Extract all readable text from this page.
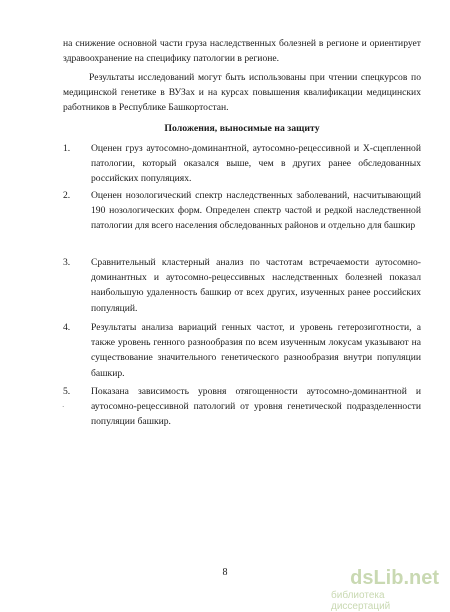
на снижение основной части груза наследственных болезней в регионе и ориентирует здравоохранение на специфику патологии в регионе.

Результаты исследований могут быть использованы при чтении спецкурсов по медицинской генетике в ВУЗах и на курсах повышения квалификации медицинских работников в Республике Башкортостан.

Положения, выносимые на защиту

1. Оценен груз аутосомно-доминантной, аутосомно-рецессивной и X-сцепленной патологии, который оказался выше, чем в других ранее обследованных российских популяциях.

2. Оценен нозологический спектр наследственных заболеваний, насчитывающий 190 нозологических форм. Определен спектр частой и редкой наследственной патологии для всего населения обследованных районов и отдельно для башкир

3. Сравнительный кластерный анализ по частотам встречаемости аутосомно-доминантных и аутосомно-рецессивных наследственных болезней показал наибольшую удаленность башкир от всех других, изученных ранее российских популяций.

4. Результаты анализа вариаций генных частот, и уровень гетерозиготности, а также уровень генного разнообразия по всем изученным локусам указывают на существование значительного генетического разнообразия внутри популяции башкир.

5. Показана зависимость уровня отягощенности аутосомно-доминантной и аутосомно-рецессивной патологий от уровня генетической подразделенности популяции башкир.

·
8	dsLib.net
библиотека диссертаций
